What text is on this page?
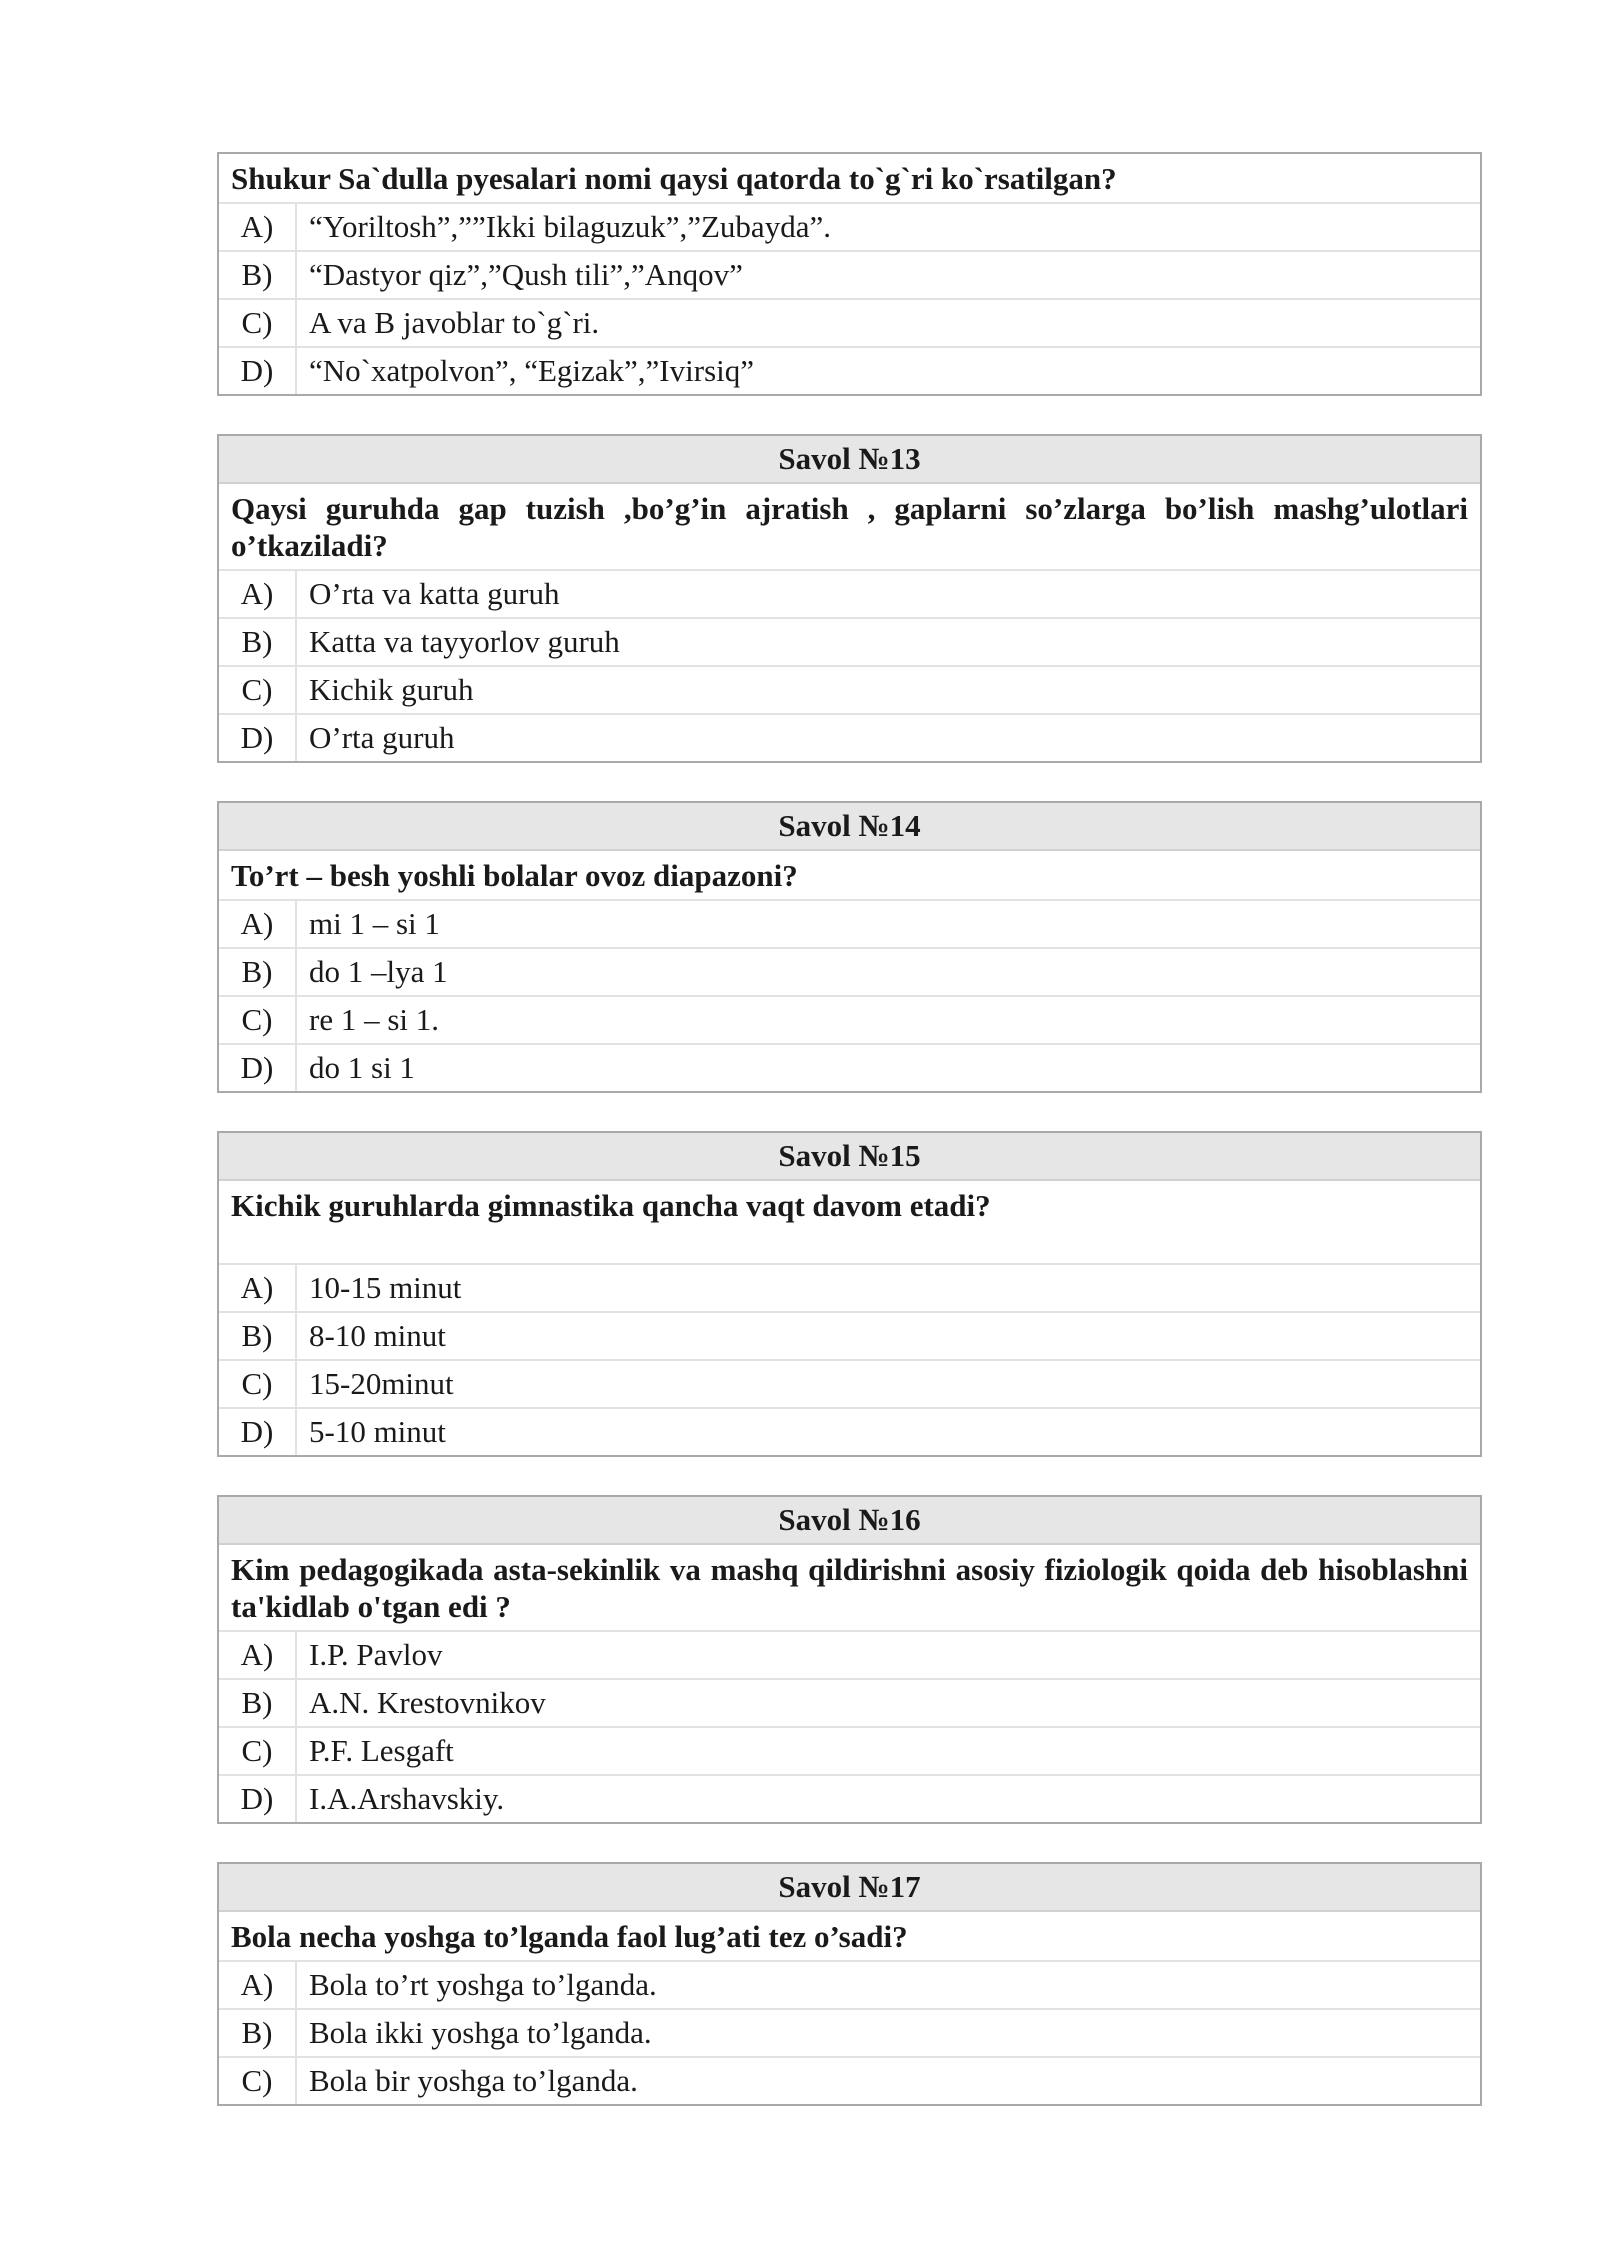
Shukur Sa`dulla pyesalari nomi qaysi qatorda to`g`ri ko`rsatilgan?
A)	“Yoriltosh”,””Ikki bilaguzuk”,”Zubayda”.
B)	“Dastyor qiz”,”Qush tili”,”Anqov”
C)	A va B javoblar to`g`ri.
D)	“No`xatpolvon”, “Egizak”,”Ivirsiq”
Savol №13
Qaysi guruhda gap tuzish ,bo’g’in ajratish , gaplarni so’zlarga bo’lish mashg’ulotlari o’tkaziladi?
A)	O’rta va katta guruh
B)	Katta va tayyorlov guruh
C)	Kichik guruh
D)	O’rta guruh
Savol №14
To’rt – besh yoshli bolalar ovoz diapazoni?
A)	mi 1 – si 1
B)	do 1 –lya 1
C)	re 1 – si 1.
D)	do 1 si 1
Savol №15
Kichik guruhlarda gimnastika qancha vaqt davom etadi?
A)	10-15 minut
B)	8-10 minut
C)	15-20minut
D)	5-10 minut
Savol №16
Kim pedagogikada asta-sekinlik va mashq qildirishni asosiy fiziologik qoida deb hisoblashni ta'kidlab o'tgan edi ?
A)	I.P. Pavlov
B)	A.N. Krestovnikov
C)	P.F. Lesgaft
D)	I.A.Arshavskiy.
Savol №17
Bola necha yoshga to’lganda faol lug’ati tez o’sadi?
A)	Bola to’rt yoshga to’lganda.
B)	Bola ikki yoshga to’lganda.
C)	Bola bir yoshga to’lganda.
